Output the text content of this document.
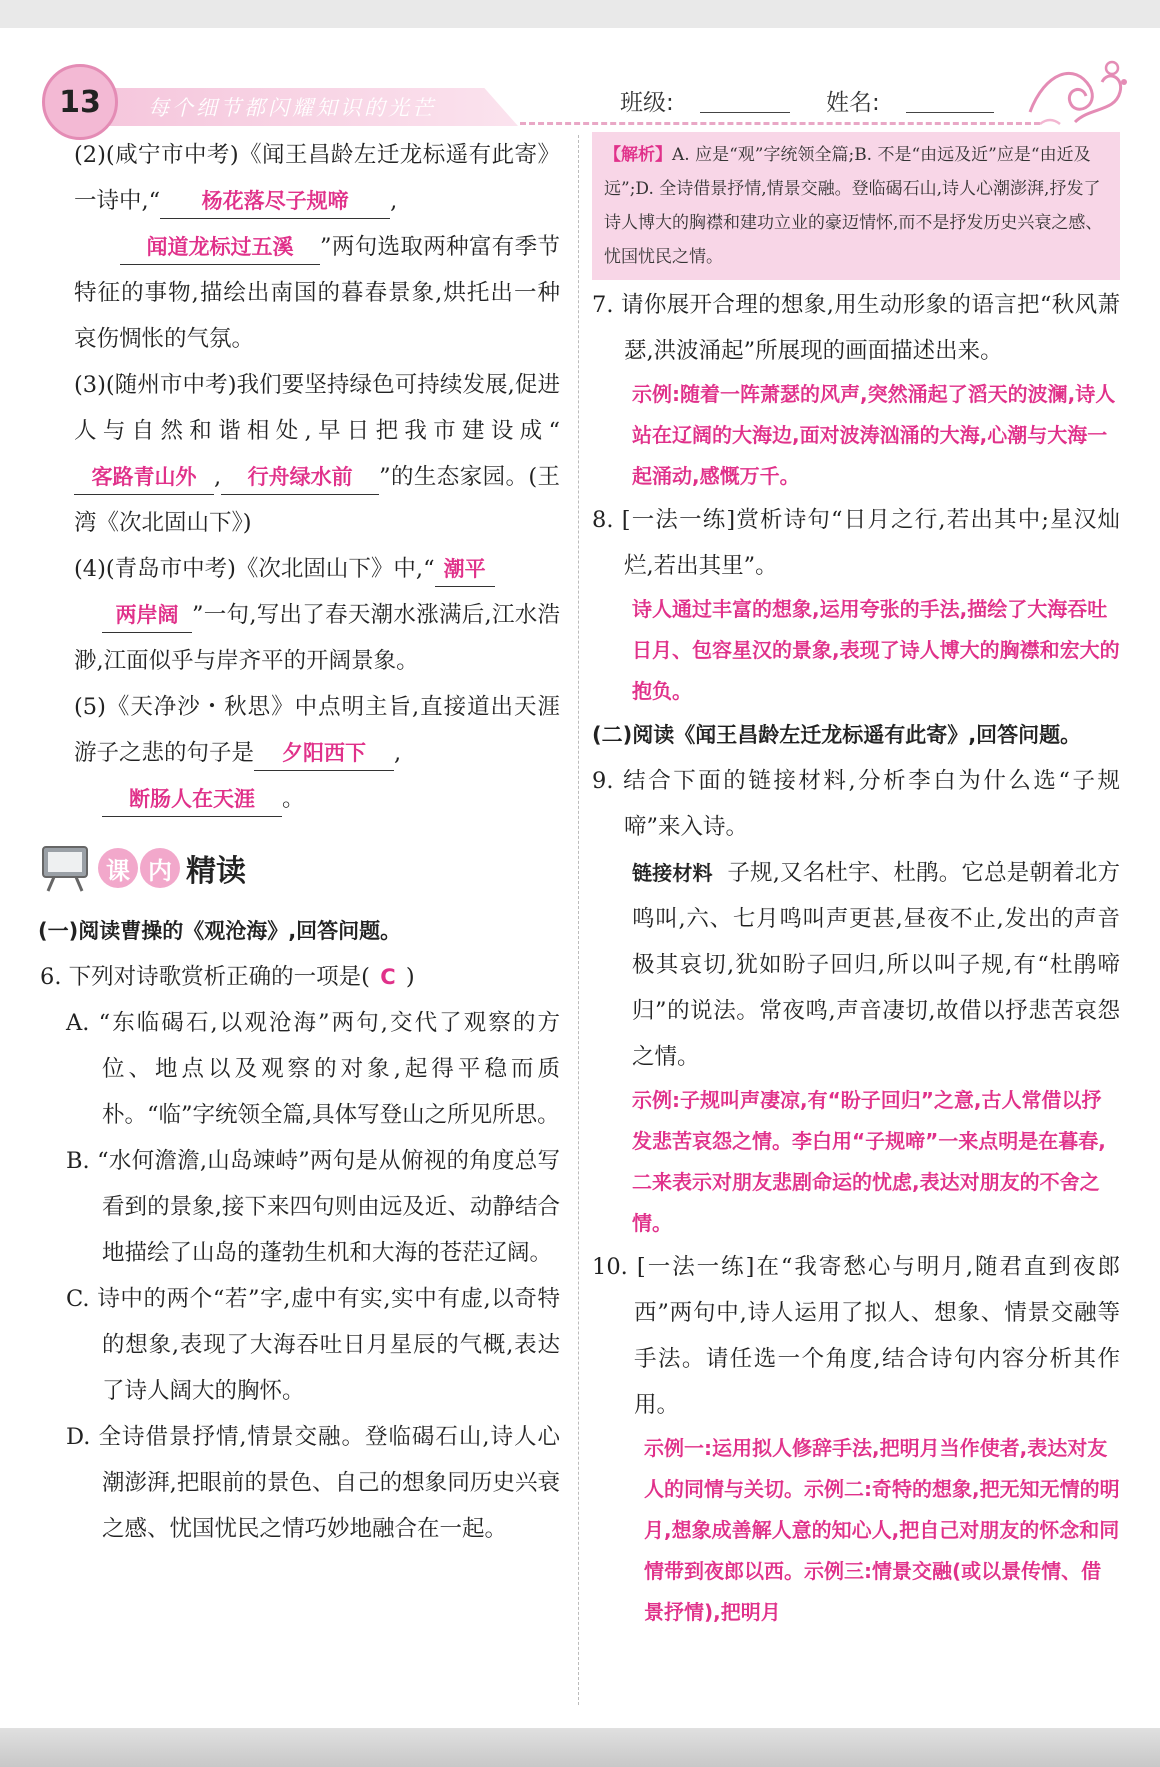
13	每个细节都闪耀知识的光芒	班级:	姓名:
(2)(咸宁市中考)《闻王昌龄左迁龙标遥有此寄》一诗中,“ 杨花落尽子规啼 ,
闻道龙标过五溪 ”两句选取两种富有季节特征的事物,描绘出南国的暮春景象,烘托出一种哀伤惆怅的气氛。
(3)(随州市中考)我们要坚持绿色可持续发展,促进人与自然和谐相处,早日把我市建设成“客路青山外 , 行舟绿水前 ”的生态家园。(王湾《次北固山下》)
(4)(青岛市中考)《次北固山下》中,“ 潮平
两岸阔 ”一句,写出了春天潮水涨满后,江水浩渺,江面似乎与岸齐平的开阔景象。
(5)《天净沙・秋思》中点明主旨,直接道出天涯游子之悲的句子是 夕阳西下 ,
断肠人在天涯 。
课 内 精读
(一)阅读曹操的《观沧海》,回答问题。
6. 下列对诗歌赏析正确的一项是( C )
A. “东临碣石,以观沧海”两句,交代了观察的方位、地点以及观察的对象,起得平稳而质朴。“临”字统领全篇,具体写登山之所见所思。
B. “水何澹澹,山岛竦峙”两句是从俯视的角度总写看到的景象,接下来四句则由远及近、动静结合地描绘了山岛的蓬勃生机和大海的苍茫辽阔。
C. 诗中的两个“若”字,虚中有实,实中有虚,以奇特的想象,表现了大海吞吐日月星辰的气概,表达了诗人阔大的胸怀。
D. 全诗借景抒情,情景交融。登临碣石山,诗人心潮澎湃,把眼前的景色、自己的想象同历史兴衰之感、忧国忧民之情巧妙地融合在一起。
【解析】A. 应是“观”字统领全篇;B. 不是“由远及近”应是“由近及远”;D. 全诗借景抒情,情景交融。登临碣石山,诗人心潮澎湃,抒发了诗人博大的胸襟和建功立业的豪迈情怀,而不是抒发历史兴衰之感、忧国忧民之情。
7. 请你展开合理的想象,用生动形象的语言把“秋风萧瑟,洪波涌起”所展现的画面描述出来。
示例:随着一阵萧瑟的风声,突然涌起了滔天的波澜,诗人站在辽阔的大海边,面对波涛汹涌的大海,心潮与大海一起涌动,感慨万千。
8. [一法一练]赏析诗句“日月之行,若出其中;星汉灿烂,若出其里”。
诗人通过丰富的想象,运用夸张的手法,描绘了大海吞吐日月、包容星汉的景象,表现了诗人博大的胸襟和宏大的抱负。
(二)阅读《闻王昌龄左迁龙标遥有此寄》,回答问题。
9. 结合下面的链接材料,分析李白为什么选“子规啼”来入诗。
链接材料 子规,又名杜宇、杜鹃。它总是朝着北方鸣叫,六、七月鸣叫声更甚,昼夜不止,发出的声音极其哀切,犹如盼子回归,所以叫子规,有“杜鹃啼归”的说法。常夜鸣,声音凄切,故借以抒悲苦哀怨之情。
示例:子规叫声凄凉,有“盼子回归”之意,古人常借以抒发悲苦哀怨之情。李白用“子规啼”一来点明是在暮春,二来表示对朋友悲剧命运的忧虑,表达对朋友的不舍之情。
10. [一法一练]在“我寄愁心与明月,随君直到夜郎西”两句中,诗人运用了拟人、想象、情景交融等手法。请任选一个角度,结合诗句内容分析其作用。
示例一:运用拟人修辞手法,把明月当作使者,表达对友人的同情与关切。示例二:奇特的想象,把无知无情的明月,想象成善解人意的知心人,把自己对朋友的怀念和同情带到夜郎以西。示例三:情景交融(或以景传情、借景抒情),把明月
